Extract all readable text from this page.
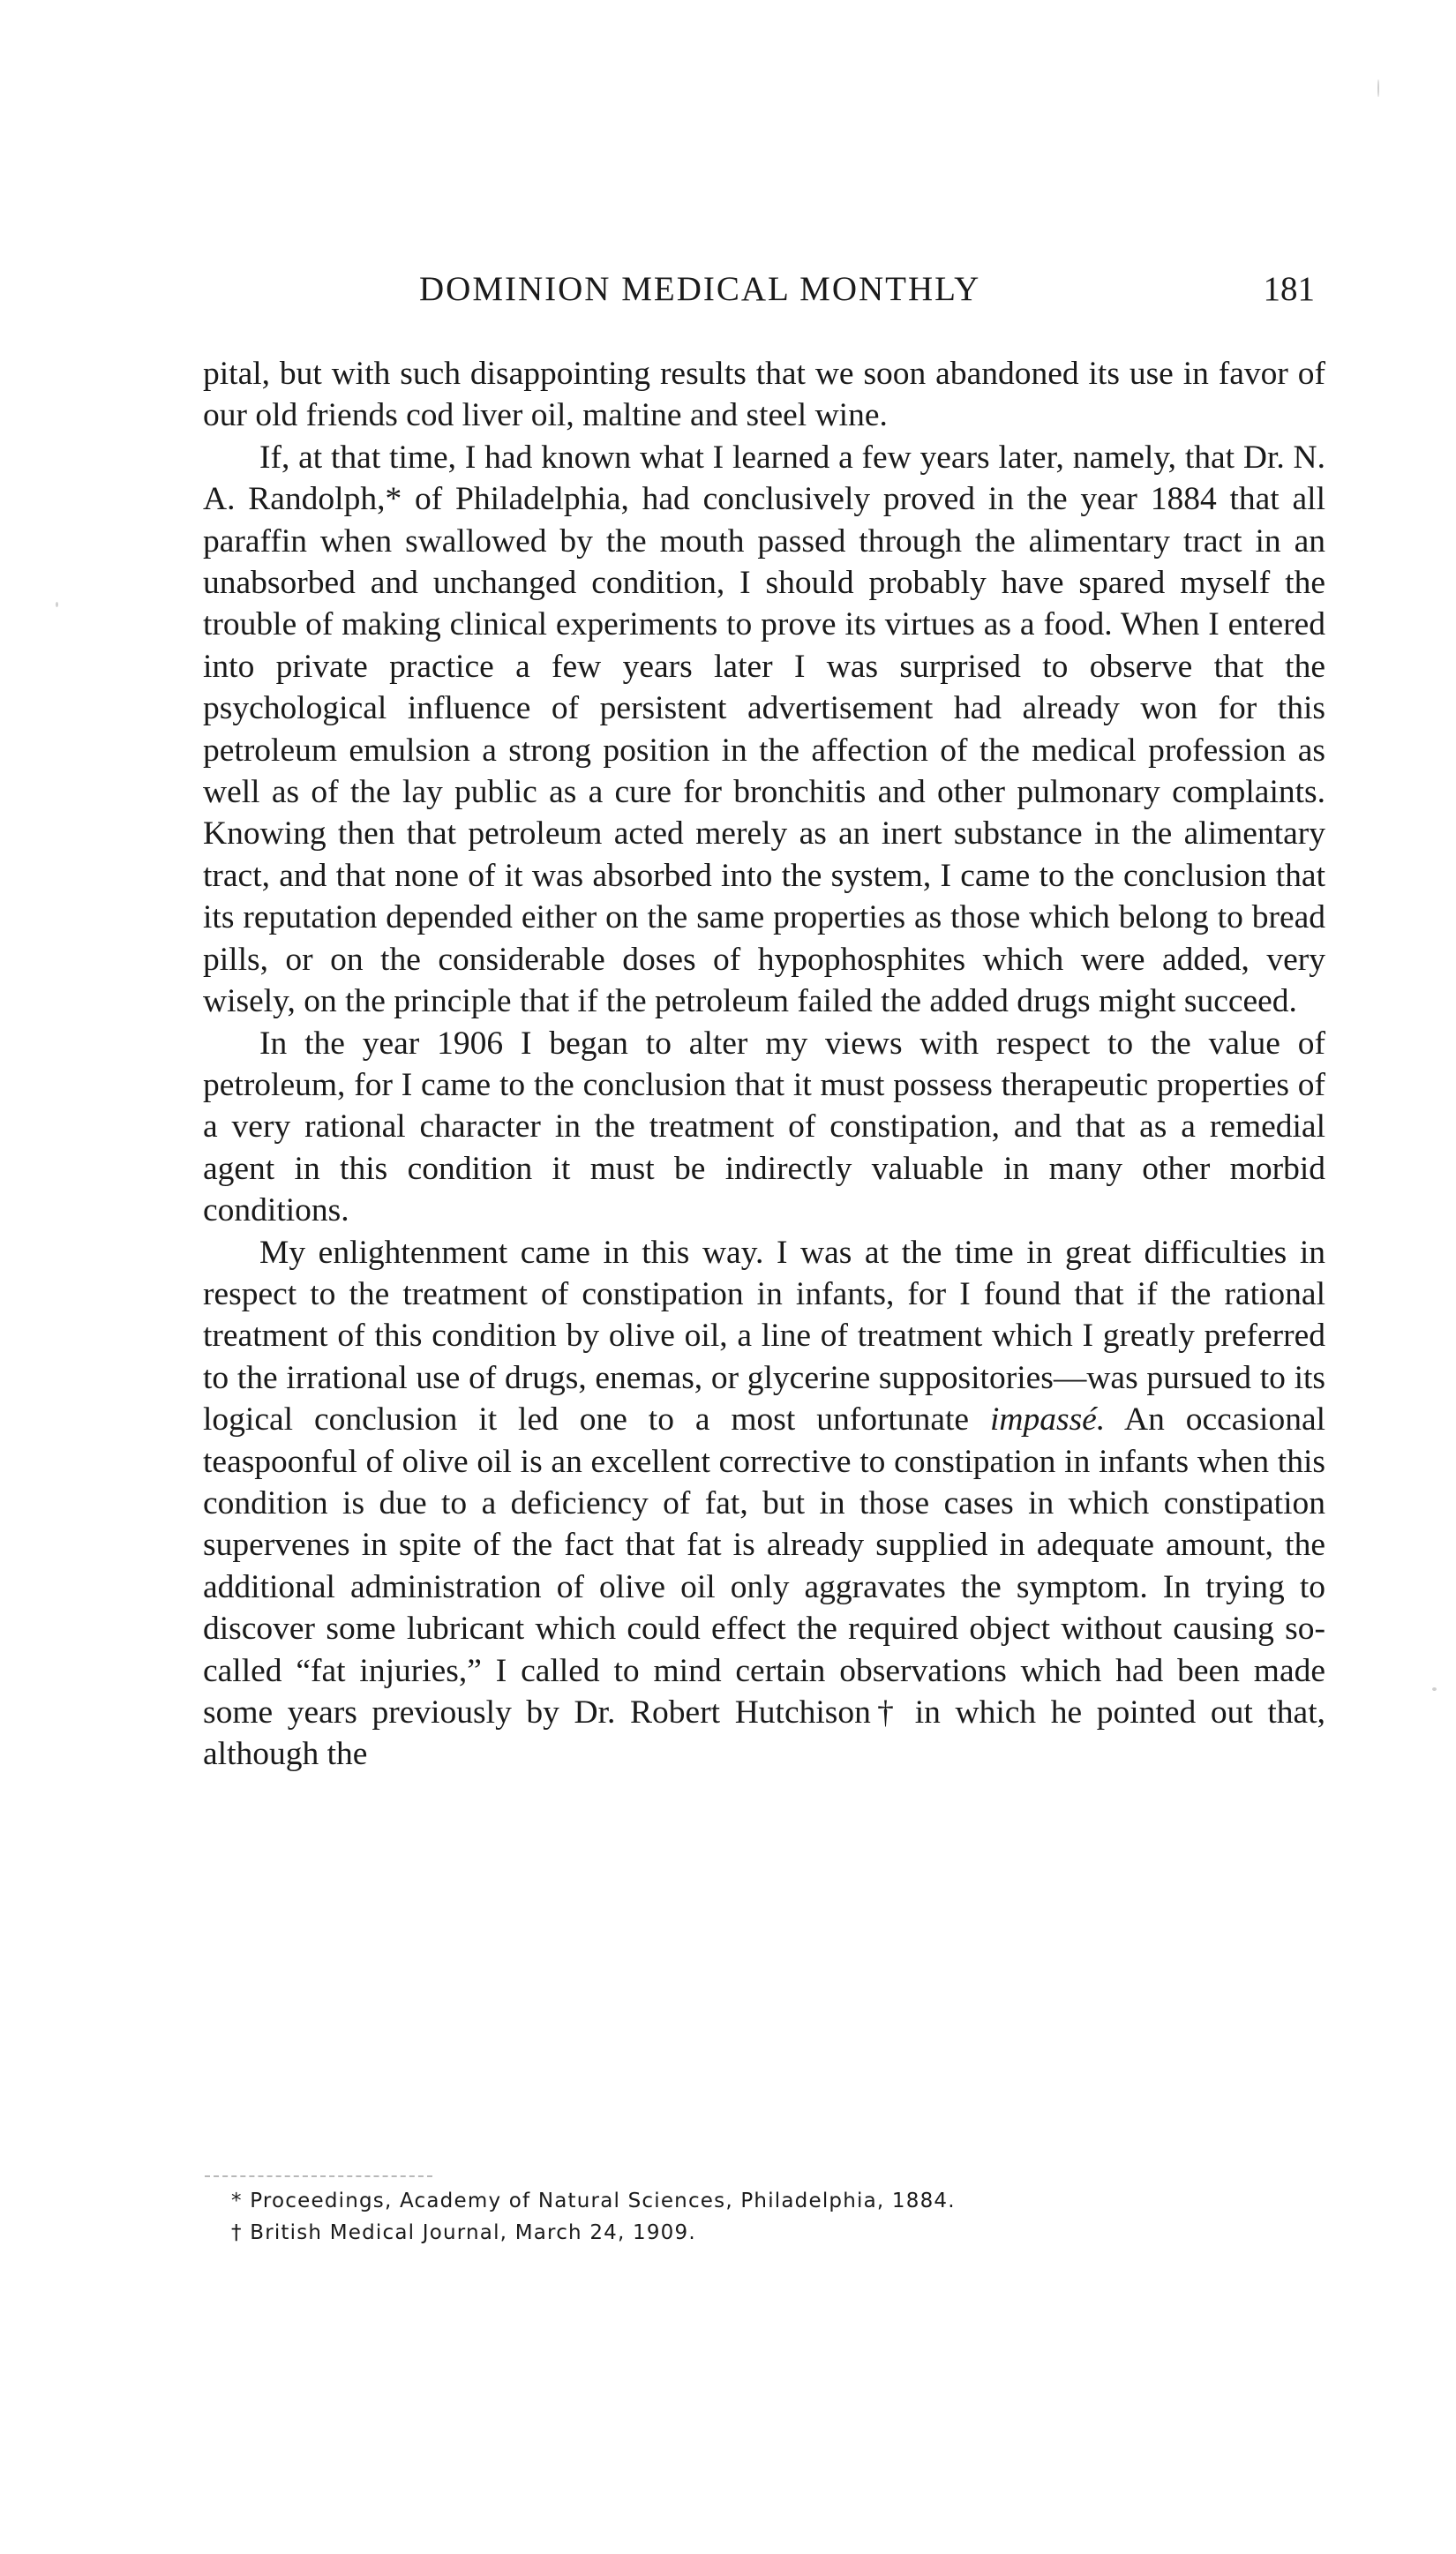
DOMINION MEDICAL MONTHLY	181

pital, but with such disappointing results that we soon abandoned its use in favor of our old friends cod liver oil, maltine and steel wine.

If, at that time, I had known what I learned a few years later, namely, that Dr. N. A. Randolph,* of Philadelphia, had conclusively proved in the year 1884 that all paraffin when swallowed by the mouth passed through the alimentary tract in an unabsorbed and unchanged condition, I should probably have spared myself the trouble of making clinical experiments to prove its virtues as a food. When I entered into private practice a few years later I was surprised to observe that the psychological influence of persistent advertisement had already won for this petroleum emulsion a strong position in the affection of the medical profession as well as of the lay public as a cure for bronchitis and other pulmonary complaints. Knowing then that petroleum acted merely as an inert substance in the alimentary tract, and that none of it was absorbed into the system, I came to the conclusion that its reputation depended either on the same properties as those which belong to bread pills, or on the considerable doses of hypophosphites which were added, very wisely, on the principle that if the petroleum failed the added drugs might succeed.

In the year 1906 I began to alter my views with respect to the value of petroleum, for I came to the conclusion that it must possess therapeutic properties of a very rational character in the treatment of constipation, and that as a remedial agent in this condition it must be indirectly valuable in many other morbid conditions.

My enlightenment came in this way. I was at the time in great difficulties in respect to the treatment of constipation in infants, for I found that if the rational treatment of this condition by olive oil, a line of treatment which I greatly preferred to the irrational use of drugs, enemas, or glycerine suppositories—was pursued to its logical conclusion it led one to a most unfortunate impassé. An occasional teaspoonful of olive oil is an excellent corrective to constipation in infants when this condition is due to a deficiency of fat, but in those cases in which constipation supervenes in spite of the fact that fat is already supplied in adequate amount, the additional administration of olive oil only aggravates the symptom. In trying to discover some lubricant which could effect the required object without causing so-called “fat injuries,” I called to mind certain observations which had been made some years previously by Dr. Robert Hutchison† in which he pointed out that, although the

* Proceedings, Academy of Natural Sciences, Philadelphia, 1884.

† British Medical Journal, March 24, 1909.
